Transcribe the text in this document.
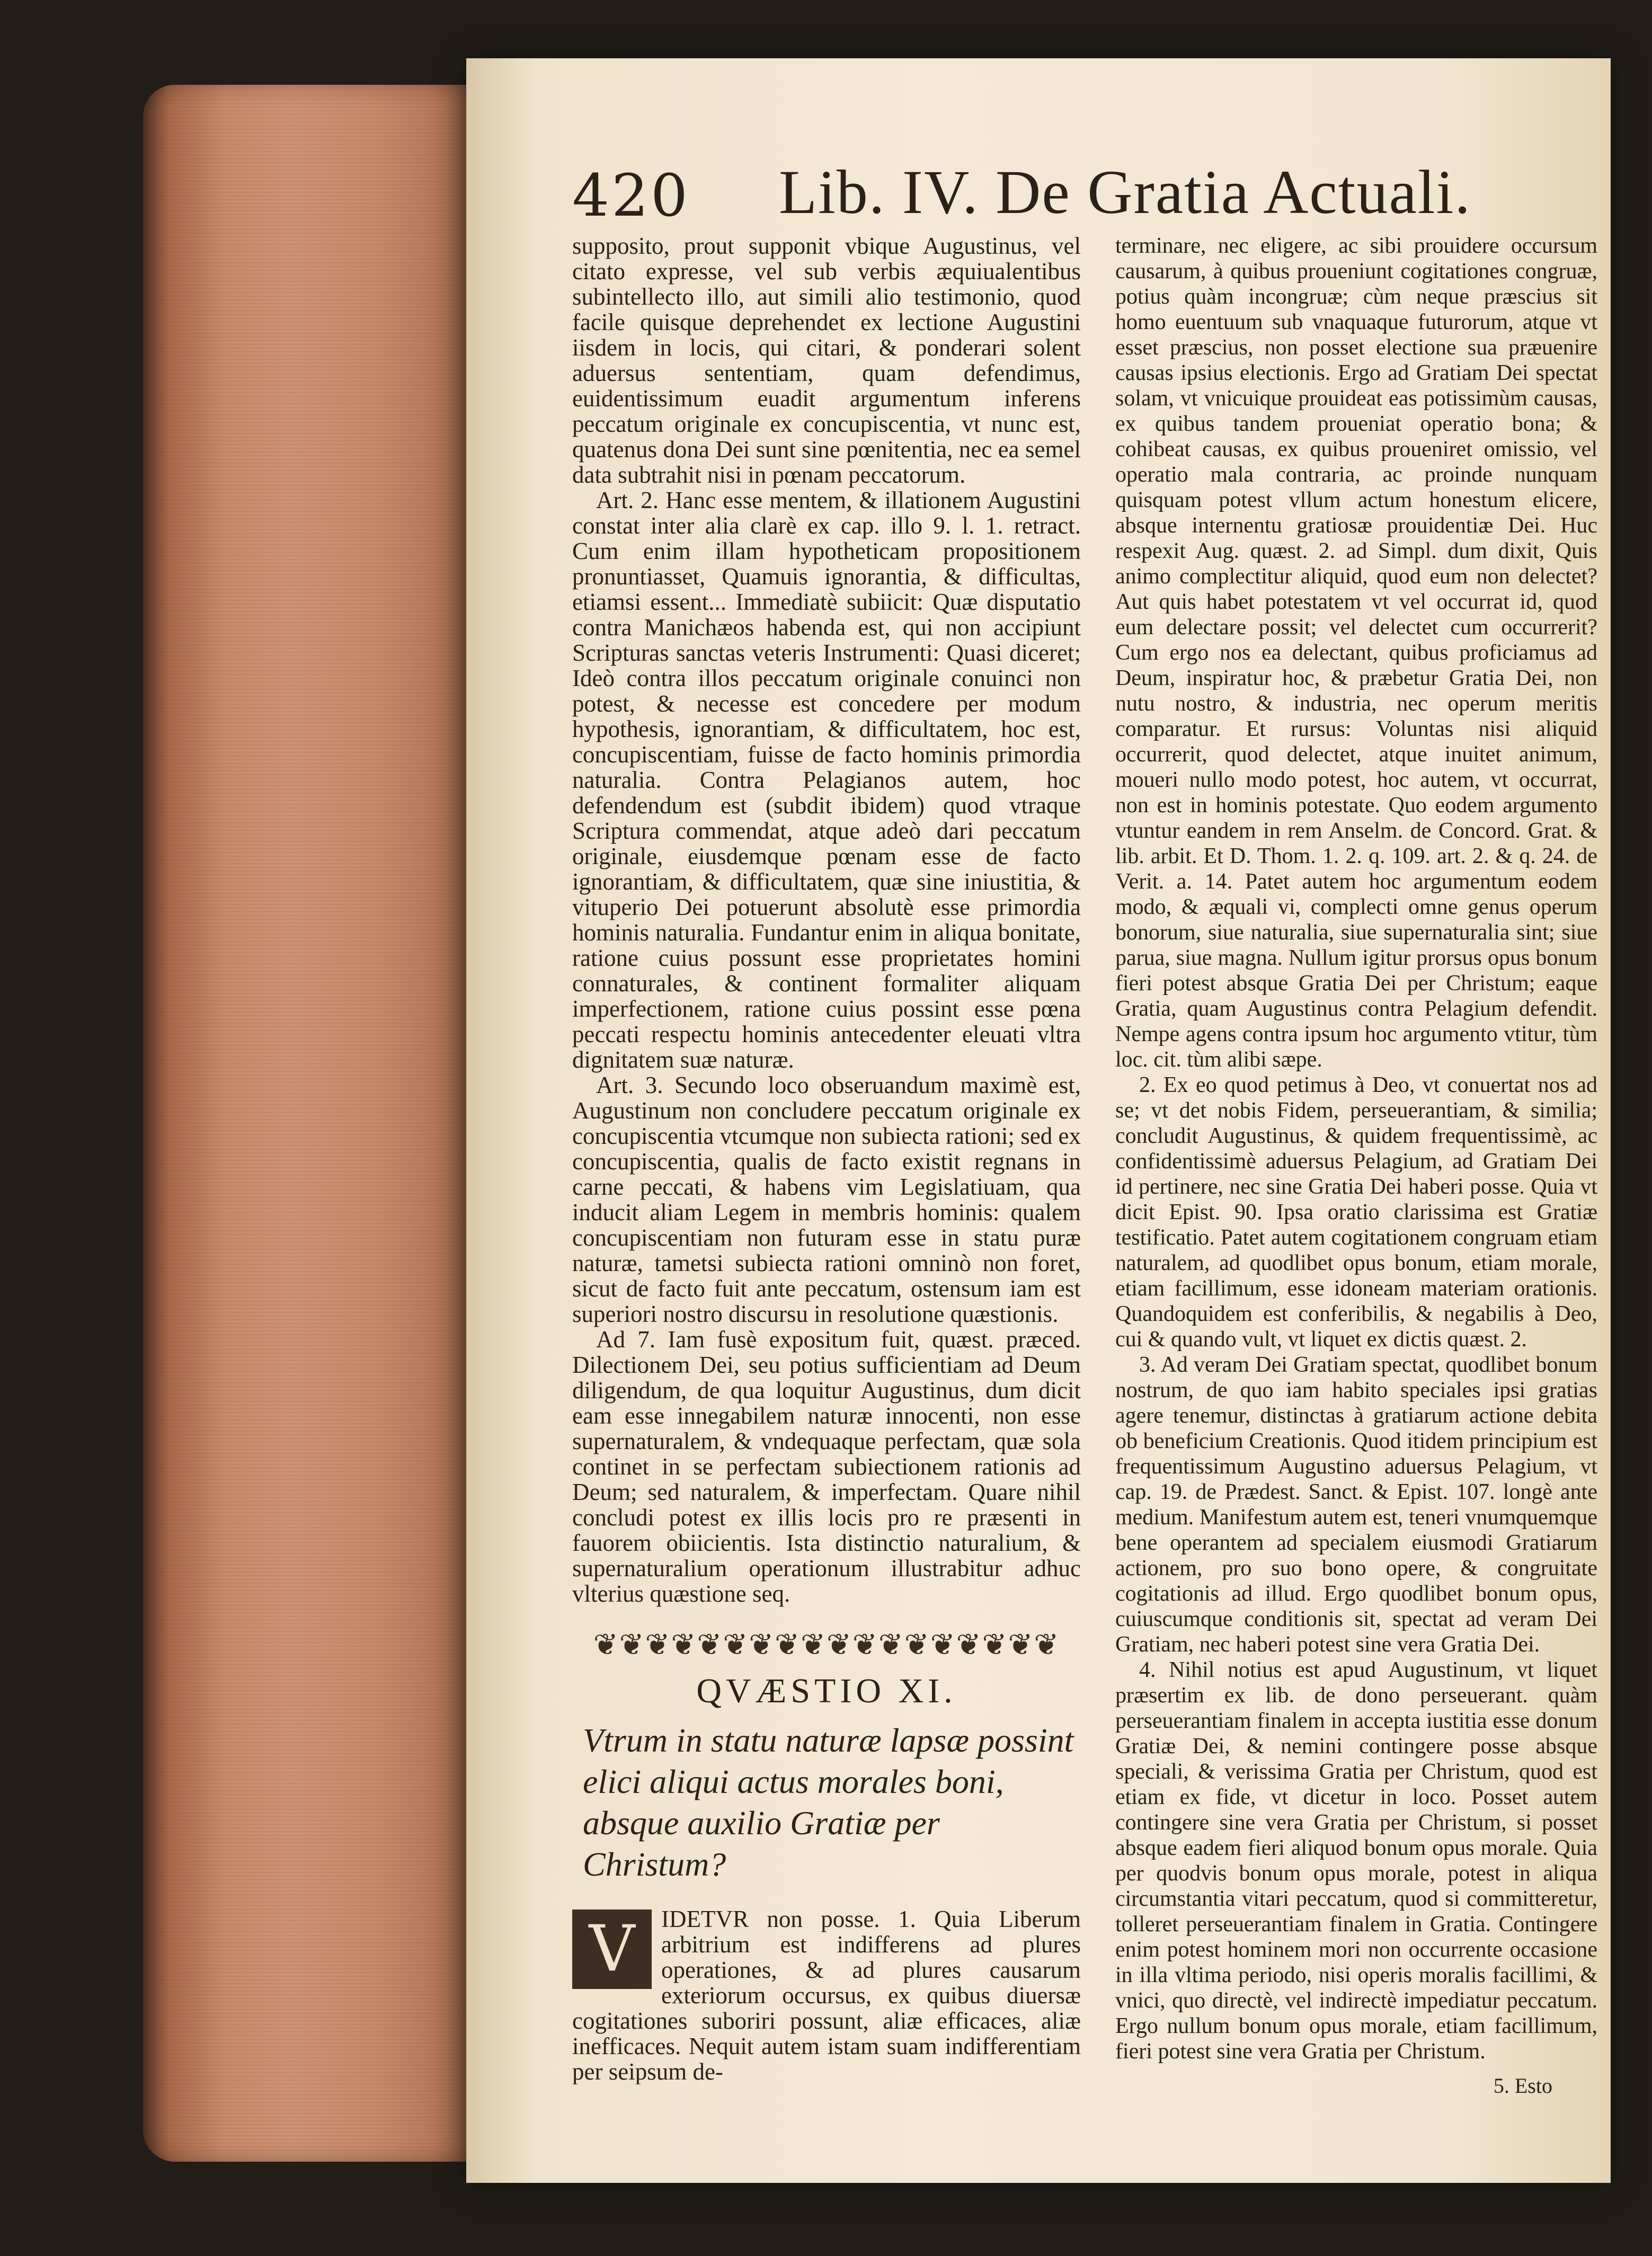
420 Lib. IV. De Gratia Actuali.

supposito, prout supponit vbique Augustinus, vel citato expresse, vel sub verbis æquiualentibus subintellecto illo, aut simili alio testimonio, quod facile quisque deprehendet ex lectione Augustini iisdem in locis, qui citari, & ponderari solent aduersus sententiam, quam defendimus, euidentissimum euadit argumentum inferens peccatum originale ex concupiscentia, vt nunc est, quatenus dona Dei sunt sine pœnitentia, nec ea semel data subtrahit nisi in pœnam peccatorum.

Art. 2. Hanc esse mentem, & illationem Augustini constat inter alia clarè ex cap. illo 9. l. 1. retract. Cum enim illam hypotheticam propositionem pronuntiasset, Quamuis ignorantia, & difficultas, etiamsi essent... Immediatè subiicit: Quæ disputatio contra Manichæos habenda est, qui non accipiunt Scripturas sanctas veteris Instrumenti: Quasi diceret; Ideò contra illos peccatum originale conuinci non potest, & necesse est concedere per modum hypothesis, ignorantiam, & difficultatem, hoc est, concupiscentiam, fuisse de facto hominis primordia naturalia. Contra Pelagianos autem, hoc defendendum est (subdit ibidem) quod vtraque Scriptura commendat, atque adeò dari peccatum originale, eiusdemque pœnam esse de facto ignorantiam, & difficultatem, quæ sine iniustitia, & vituperio Dei potuerunt absolutè esse primordia hominis naturalia. Fundantur enim in aliqua bonitate, ratione cuius possunt esse proprietates homini connaturales, & continent formaliter aliquam imperfectionem, ratione cuius possint esse pœna peccati respectu hominis antecedenter eleuati vltra dignitatem suæ naturæ.

Art. 3. Secundo loco obseruandum maximè est, Augustinum non concludere peccatum originale ex concupiscentia vtcumque non subiecta rationi; sed ex concupiscentia, qualis de facto existit regnans in carne peccati, & habens vim Legislatiuam, qua inducit aliam Legem in membris hominis: qualem concupiscentiam non futuram esse in statu puræ naturæ, tametsi subiecta rationi omninò non foret, sicut de facto fuit ante peccatum, ostensum iam est superiori nostro discursu in resolutione quæstionis.

Ad 7. Iam fusè expositum fuit, quæst. præced. Dilectionem Dei, seu potius sufficientiam ad Deum diligendum, de qua loquitur Augustinus, dum dicit eam esse innegabilem naturæ innocenti, non esse supernaturalem, & vndequaque perfectam, quæ sola continet in se perfectam subiectionem rationis ad Deum; sed naturalem, & imperfectam. Quare nihil concludi potest ex illis locis pro re præsenti in fauorem obiicientis. Ista distinctio naturalium, & supernaturalium operationum illustrabitur adhuc vlterius quæstione seq.

❦❦❦❦❦❦❦❦❦❦❦❦❦❦❦❦❦❦
QVÆSTIO XI.
Vtrum in statu naturæ lapsæ possint elici aliqui actus morales boni, absque auxilio Gratiæ per Christum?
V	IDETVR non posse. 1. Quia Liberum arbitrium est indifferens ad plures operationes, & ad plures causarum exteriorum occursus, ex quibus diuersæ cogitationes suboriri possunt, aliæ efficaces, aliæ inefficaces. Nequit autem istam suam indifferentiam per seipsum de-

terminare, nec eligere, ac sibi prouidere occursum causarum, à quibus proueniunt cogitationes congruæ, potius quàm incongruæ; cùm neque præscius sit homo euentuum sub vnaquaque futurorum, atque vt esset præscius, non posset electione sua præuenire causas ipsius electionis. Ergo ad Gratiam Dei spectat solam, vt vnicuique prouideat eas potissimùm causas, ex quibus tandem proueniat operatio bona; & cohibeat causas, ex quibus proueniret omissio, vel operatio mala contraria, ac proinde nunquam quisquam potest vllum actum honestum elicere, absque internentu gratiosæ prouidentiæ Dei. Huc respexit Aug. quæst. 2. ad Simpl. dum dixit, Quis animo complectitur aliquid, quod eum non delectet? Aut quis habet potestatem vt vel occurrat id, quod eum delectare possit; vel delectet cum occurrerit? Cum ergo nos ea delectant, quibus proficiamus ad Deum, inspiratur hoc, & præbetur Gratia Dei, non nutu nostro, & industria, nec operum meritis comparatur. Et rursus: Voluntas nisi aliquid occurrerit, quod delectet, atque inuitet animum, moueri nullo modo potest, hoc autem, vt occurrat, non est in hominis potestate. Quo eodem argumento vtuntur eandem in rem Anselm. de Concord. Grat. & lib. arbit. Et D. Thom. 1. 2. q. 109. art. 2. & q. 24. de Verit. a. 14. Patet autem hoc argumentum eodem modo, & æquali vi, complecti omne genus operum bonorum, siue naturalia, siue supernaturalia sint; siue parua, siue magna. Nullum igitur prorsus opus bonum fieri potest absque Gratia Dei per Christum; eaque Gratia, quam Augustinus contra Pelagium defendit. Nempe agens contra ipsum hoc argumento vtitur, tùm loc. cit. tùm alibi sæpe.

2. Ex eo quod petimus à Deo, vt conuertat nos ad se; vt det nobis Fidem, perseuerantiam, & similia; concludit Augustinus, & quidem frequentissimè, ac confidentissimè aduersus Pelagium, ad Gratiam Dei id pertinere, nec sine Gratia Dei haberi posse. Quia vt dicit Epist. 90. Ipsa oratio clarissima est Gratiæ testificatio. Patet autem cogitationem congruam etiam naturalem, ad quodlibet opus bonum, etiam morale, etiam facillimum, esse idoneam materiam orationis. Quandoquidem est conferibilis, & negabilis à Deo, cui & quando vult, vt liquet ex dictis quæst. 2.

3. Ad veram Dei Gratiam spectat, quodlibet bonum nostrum, de quo iam habito speciales ipsi gratias agere tenemur, distinctas à gratiarum actione debita ob beneficium Creationis. Quod itidem principium est frequentissimum Augustino aduersus Pelagium, vt cap. 19. de Prædest. Sanct. & Epist. 107. longè ante medium. Manifestum autem est, teneri vnumquemque bene operantem ad specialem eiusmodi Gratiarum actionem, pro suo bono opere, & congruitate cogitationis ad illud. Ergo quodlibet bonum opus, cuiuscumque conditionis sit, spectat ad veram Dei Gratiam, nec haberi potest sine vera Gratia Dei.

4. Nihil notius est apud Augustinum, vt liquet præsertim ex lib. de dono perseuerant. quàm perseuerantiam finalem in accepta iustitia esse donum Gratiæ Dei, & nemini contingere posse absque speciali, & verissima Gratia per Christum, quod est etiam ex fide, vt dicetur in loco. Posset autem contingere sine vera Gratia per Christum, si posset absque eadem fieri aliquod bonum opus morale. Quia per quodvis bonum opus morale, potest in aliqua circumstantia vitari peccatum, quod si committeretur, tolleret perseuerantiam finalem in Gratia. Contingere enim potest hominem mori non occurrente occasione in illa vltima periodo, nisi operis moralis facillimi, & vnici, quo directè, vel indirectè impediatur peccatum. Ergo nullum bonum opus morale, etiam facillimum, fieri potest sine vera Gratia per Christum.

5. Esto
